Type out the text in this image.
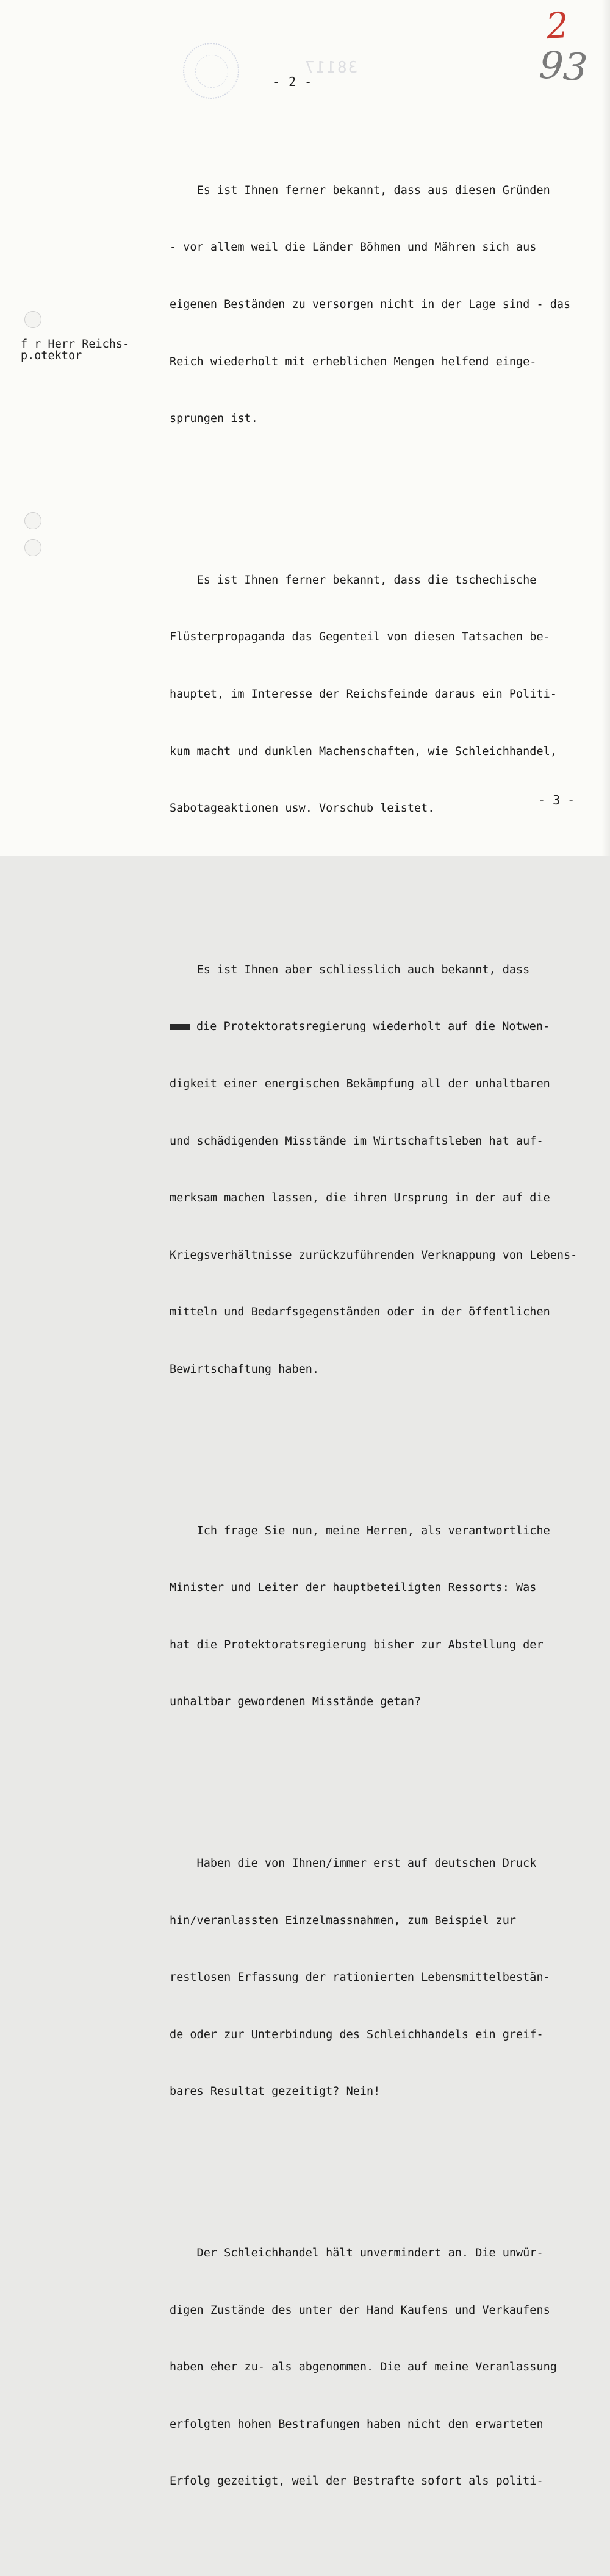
38117
2
93
- 2 -
f r Herr Reichs-
p.otektor

Es ist Ihnen ferner bekannt, dass aus diesen Gründen

- vor allem weil die Länder Böhmen und Mähren sich aus

eigenen Beständen zu versorgen nicht in der Lage sind - das

Reich wiederholt mit erheblichen Mengen helfend einge-

sprungen ist.

Es ist Ihnen ferner bekannt, dass die tschechische

Flüsterpropaganda das Gegenteil von diesen Tatsachen be-

hauptet, im Interesse der Reichsfeinde daraus ein Politi-

kum macht und dunklen Machenschaften, wie Schleichhandel,

Sabotageaktionen usw. Vorschub leistet.

Es ist Ihnen aber schliesslich auch bekannt, dass

die Protektoratsregierung wiederholt auf die Notwen-

digkeit einer energischen Bekämpfung all der unhaltbaren

und schädigenden Misstände im Wirtschaftsleben hat auf-

merksam machen lassen, die ihren Ursprung in der auf die

Kriegsverhältnisse zurückzuführenden Verknappung von Lebens-

mitteln und Bedarfsgegenständen oder in der öffentlichen

Bewirtschaftung haben.

Ich frage Sie nun, meine Herren, als verantwortliche

Minister und Leiter der hauptbeteiligten Ressorts: Was

hat die Protektoratsregierung bisher zur Abstellung der

unhaltbar gewordenen Misstände getan?

Haben die von Ihnen/immer erst auf deutschen Druck

hin/veranlassten Einzelmassnahmen, zum Beispiel zur

restlosen Erfassung der rationierten Lebensmittelbestän-

de oder zur Unterbindung des Schleichhandels ein greif-

bares Resultat gezeitigt? Nein!

Der Schleichhandel hält unvermindert an. Die unwür-

digen Zustände des unter der Hand Kaufens und Verkaufens

haben eher zu- als abgenommen. Die auf meine Veranlassung

erfolgten hohen Bestrafungen haben nicht den erwarteten

Erfolg gezeitigt, weil der Bestrafte sofort als politi-

- 3 -
